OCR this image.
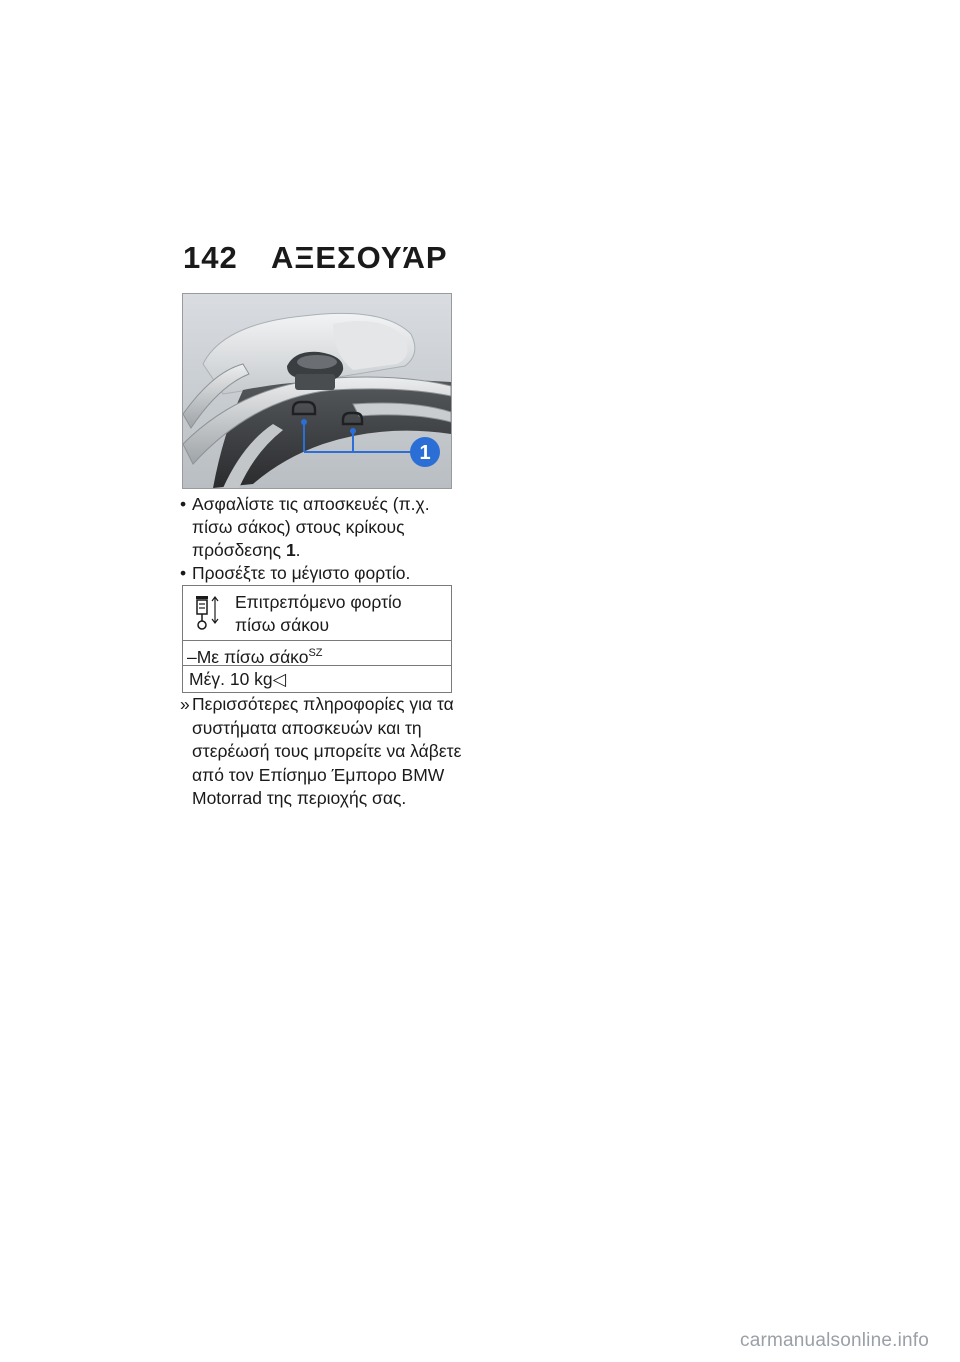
142 ΑΞΕΣΟΥΆΡ
1
• Ασφαλίστε τις αποσκευές (π.χ. πίσω σάκος) στους κρίκους πρόσδεσης 1.
• Προσέξτε το μέγιστο φορτίο.
Επιτρεπόμενο φορτίο πίσω σάκου
–Με πίσω σάκο$^{SZ}$
Μέγ. 10 kg◁
» Περισσότερες πληροφορίες για τα συστήματα αποσκευών και τη στερέωσή τους μπορείτε να λάβετε από τον Επίσημο Έμπορο BMW Motorrad της περιοχής σας.
carmanualsonline.info
